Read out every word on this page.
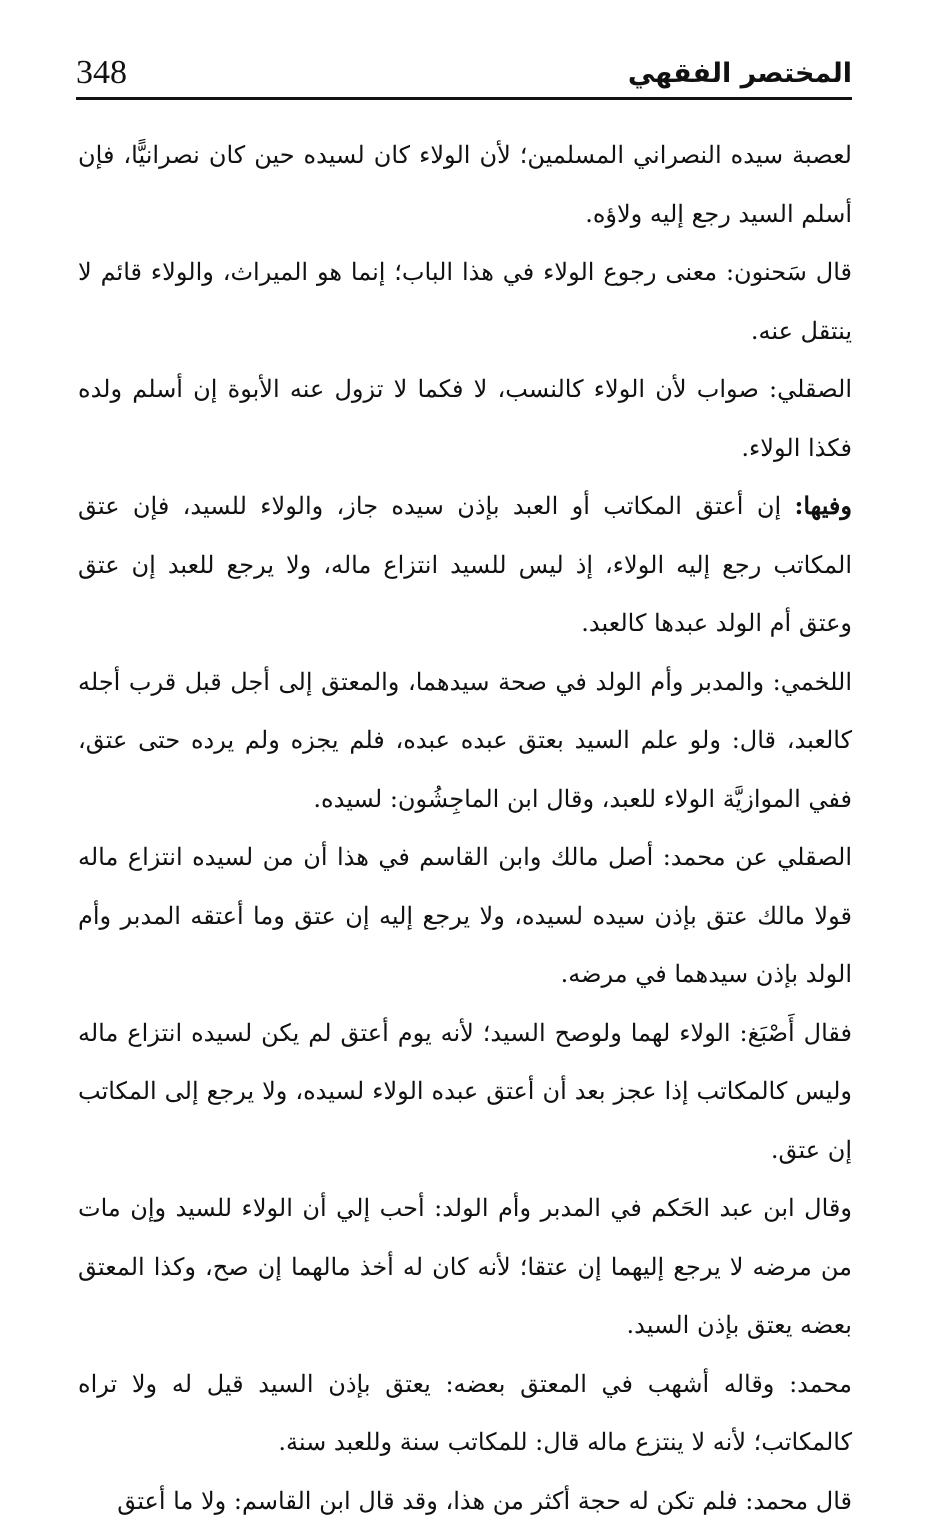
348	المختصر الفقهي

لعصبة سيده النصراني المسلمين؛ لأن الولاء كان لسيده حين كان نصرانيًّا، فإن أسلم السيد رجع إليه ولاؤه.

قال سَحنون: معنى رجوع الولاء في هذا الباب؛ إنما هو الميراث، والولاء قائم لا ينتقل عنه.

الصقلي: صواب لأن الولاء كالنسب، لا فكما لا تزول عنه الأبوة إن أسلم ولده فكذا الولاء.

وفيها: إن أعتق المكاتب أو العبد بإذن سيده جاز، والولاء للسيد، فإن عتق المكاتب رجع إليه الولاء، إذ ليس للسيد انتزاع ماله، ولا يرجع للعبد إن عتق وعتق أم الولد عبدها كالعبد.

اللخمي: والمدبر وأم الولد في صحة سيدهما، والمعتق إلى أجل قبل قرب أجله كالعبد، قال: ولو علم السيد بعتق عبده عبده، فلم يجزه ولم يرده حتى عتق، ففي الموازيَّة الولاء للعبد، وقال ابن الماجِشُون: لسيده.

الصقلي عن محمد: أصل مالك وابن القاسم في هذا أن من لسيده انتزاع ماله قولا مالك عتق بإذن سيده لسيده، ولا يرجع إليه إن عتق وما أعتقه المدبر وأم الولد بإذن سيدهما في مرضه.

فقال أَصْبَغ: الولاء لهما ولوصح السيد؛ لأنه يوم أعتق لم يكن لسيده انتزاع ماله وليس كالمكاتب إذا عجز بعد أن أعتق عبده الولاء لسيده، ولا يرجع إلى المكاتب إن عتق.

وقال ابن عبد الحَكم في المدبر وأم الولد: أحب إلي أن الولاء للسيد وإن مات من مرضه لا يرجع إليهما إن عتقا؛ لأنه كان له أخذ مالهما إن صح، وكذا المعتق بعضه يعتق بإذن السيد.

محمد: وقاله أشهب في المعتق بعضه: يعتق بإذن السيد قيل له ولا تراه كالمكاتب؛ لأنه لا ينتزع ماله قال: للمكاتب سنة وللعبد سنة.

قال محمد: فلم تكن له حجة أكثر من هذا، وقد قال ابن القاسم: ولا ما أعتق
